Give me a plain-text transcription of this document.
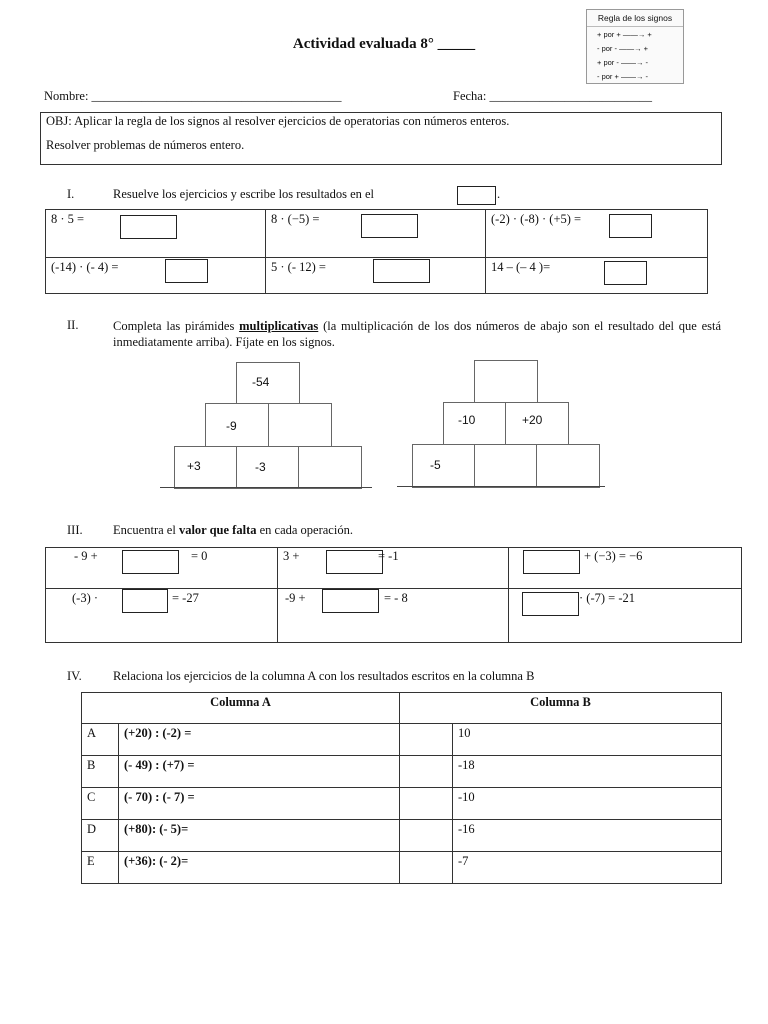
Regla de los signos
+ por + ——→ +
- por - ——→ +
+ por - ——→ -
- por + ——→ -
Actividad evaluada 8° _____
Nombre: ________________________________________	Fecha: __________________________
OBJ: Aplicar la regla de los signos al resolver ejercicios de operatorias con números enteros.
Resolver problemas de números entero.
I.	Resuelve los ejercicios y escribe los resultados en el	.
8 · 5 =	8 · (−5) =	(-2) · (-8) · (+5) =

(-14) · (- 4) =	5 · (- 12) =	14 – (– 4 )=
II.	Completa las pirámides multiplicativas (la multiplicación de los dos números de abajo son el resultado del que está inmediatamente arriba). Fíjate en los signos.
-54
-9
+3	-3
-10	+20
-5
III. Encuentra el valor que falta en cada operación.
- 9 + = 0	3 + = -1	+ (−3) = −6

(-3) · = -27	-9 + = - 8	· (-7) = -21
IV.	Relaciona los ejercicios de la columna A con los resultados escritos en la columna B
Columna A		Columna B	
A	(+20) : (-2) =		10
B	(- 49) : (+7) =		-18
C	(- 70) : (- 7) =		-10
D	(+80): (- 5)=		-16
E	(+36): (- 2)=		-7
